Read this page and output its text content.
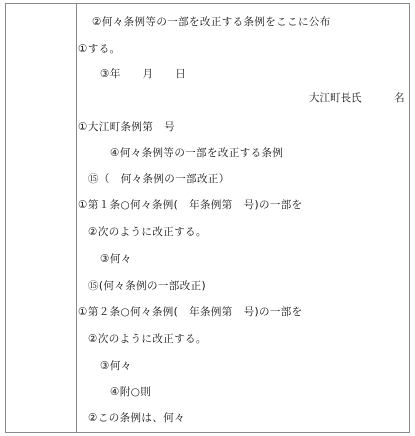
②何々条例等の一部を改正する条例をここに公布
①する。
③年　　月　　日
大江町長氏	名
①大江町条例第　号
④何々条例等の一部を改正する条例
⑮（　何々条例の一部改正）
①第１条○何々条例(　年条例第　号)の一部を
②次のように改正する。
③何々
⑮(何々条例の一部改正)
①第２条○何々条例(　年条例第　号)の一部を
②次のように改正する。
③何々
④附○則
②この条例は、何々
